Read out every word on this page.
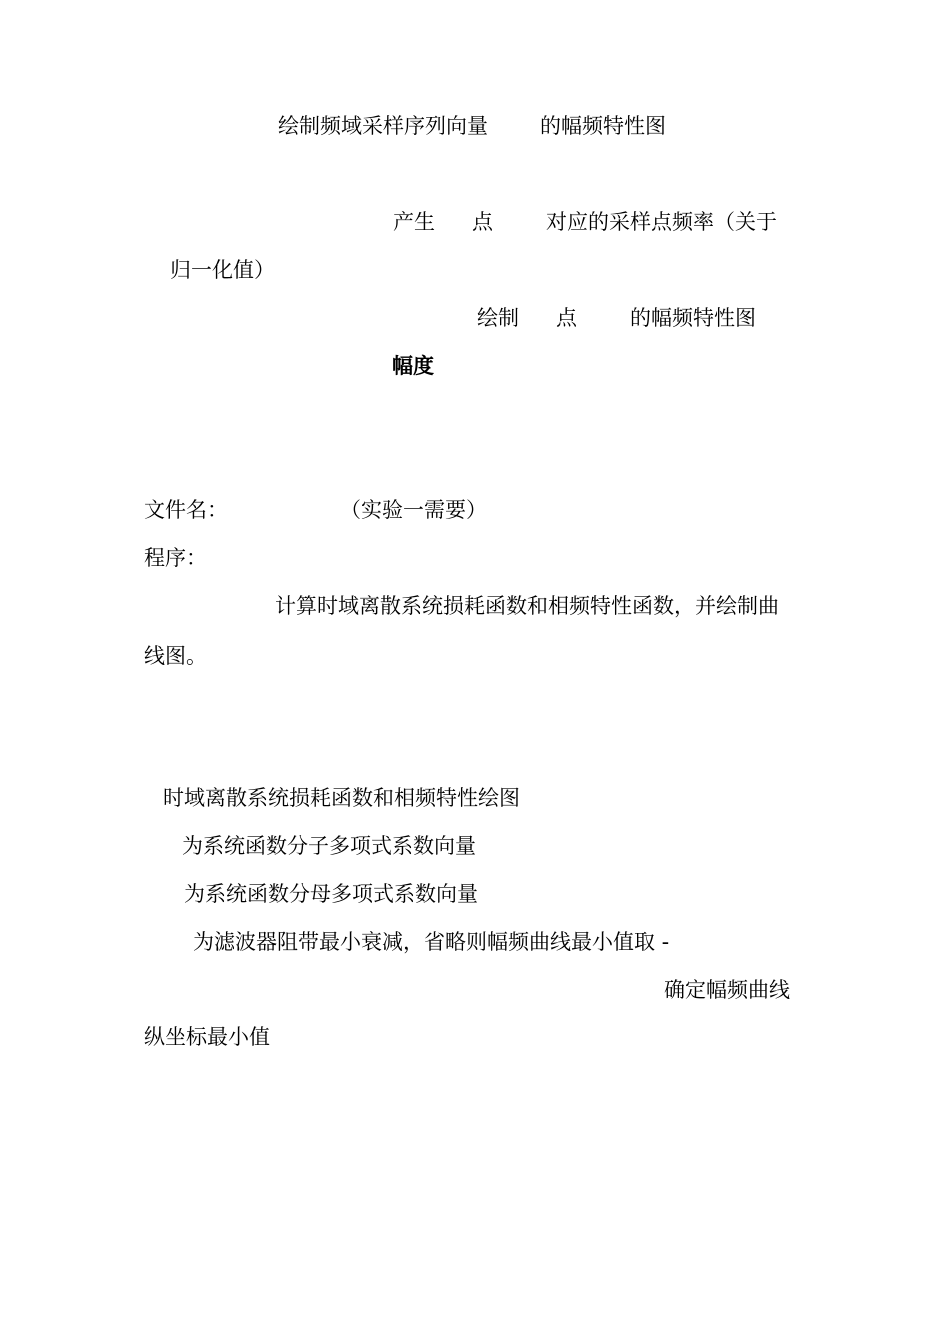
绘制频域采样序列向量 的幅频特性图
产生 点	对应的采样点频率（关于
归一化值）
绘制 点	的幅频特性图
幅度
文件名：	（实验一需要）
程序：
计算时域离散系统损耗函数和相频特性函数，并绘制曲
线图。
时域离散系统损耗函数和相频特性绘图
为系统函数分子多项式系数向量
为系统函数分母多项式系数向量
为滤波器阻带最小衰减，省略则幅频曲线最小值取 -
确定幅频曲线
纵坐标最小值
